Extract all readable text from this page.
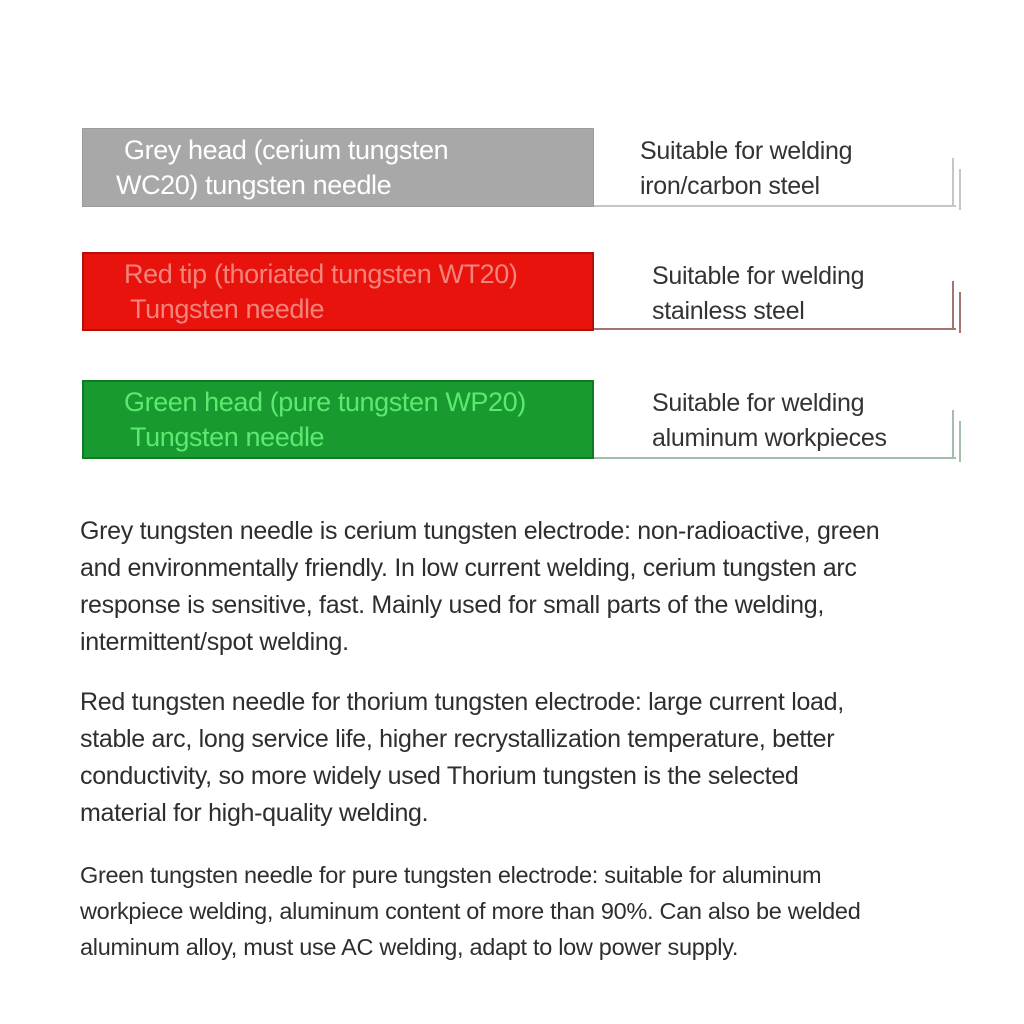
Grey head (cerium tungsten
WC20) tungsten needle
Suitable for welding
iron/carbon steel
Red tip (thoriated tungsten WT20)
Tungsten needle
Suitable for welding
stainless steel
Green head (pure tungsten WP20)
Tungsten needle
Suitable for welding
aluminum workpieces
Grey tungsten needle is cerium tungsten electrode: non-radioactive, green
and environmentally friendly. In low current welding, cerium tungsten arc
response is sensitive, fast. Mainly used for small parts of the welding,
intermittent/spot welding.
Red tungsten needle for thorium tungsten electrode: large current load,
stable arc, long service life, higher recrystallization temperature, better
conductivity, so more widely used Thorium tungsten is the selected
material for high-quality welding.
Green tungsten needle for pure tungsten electrode: suitable for aluminum
workpiece welding, aluminum content of more than 90%. Can also be welded
aluminum alloy, must use AC welding, adapt to low power supply.
